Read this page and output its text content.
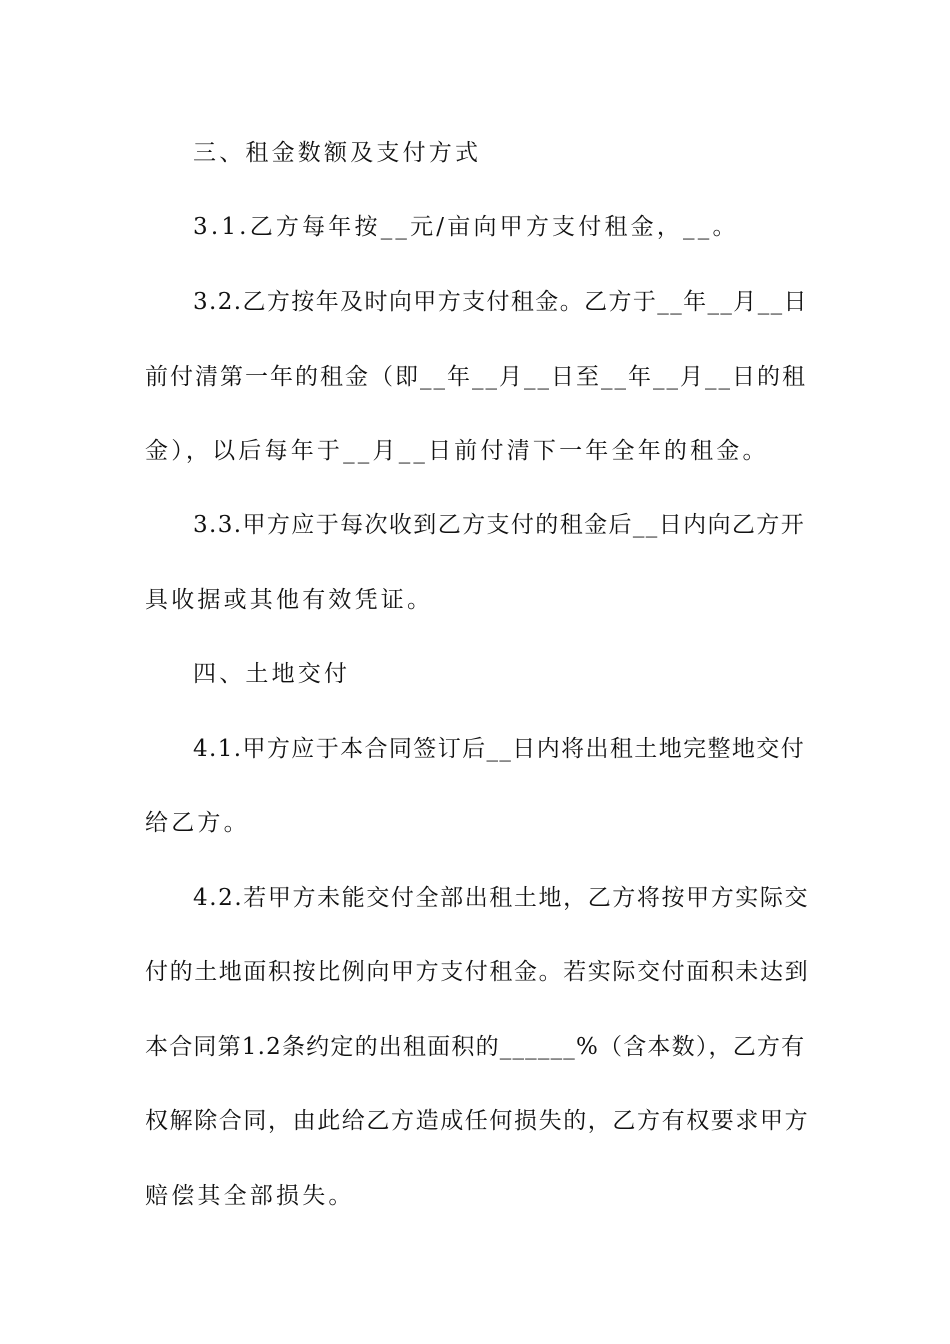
三、租金数额及支付方式
3.1.乙方每年按__元/亩向甲方支付租金，__。
3.2.乙方按年及时向甲方支付租金。乙方于__年__月__日
前付清第一年的租金（即__年__月__日至__年__月__日的租
金），以后每年于__月__日前付清下一年全年的租金。
3.3.甲方应于每次收到乙方支付的租金后__日内向乙方开
具收据或其他有效凭证。
四、土地交付
4.1.甲方应于本合同签订后__日内将出租土地完整地交付
给乙方。
4.2.若甲方未能交付全部出租土地，乙方将按甲方实际交
付的土地面积按比例向甲方支付租金。若实际交付面积未达到
本合同第1.2条约定的出租面积的______%（含本数），乙方有
权解除合同，由此给乙方造成任何损失的，乙方有权要求甲方
赔偿其全部损失。
